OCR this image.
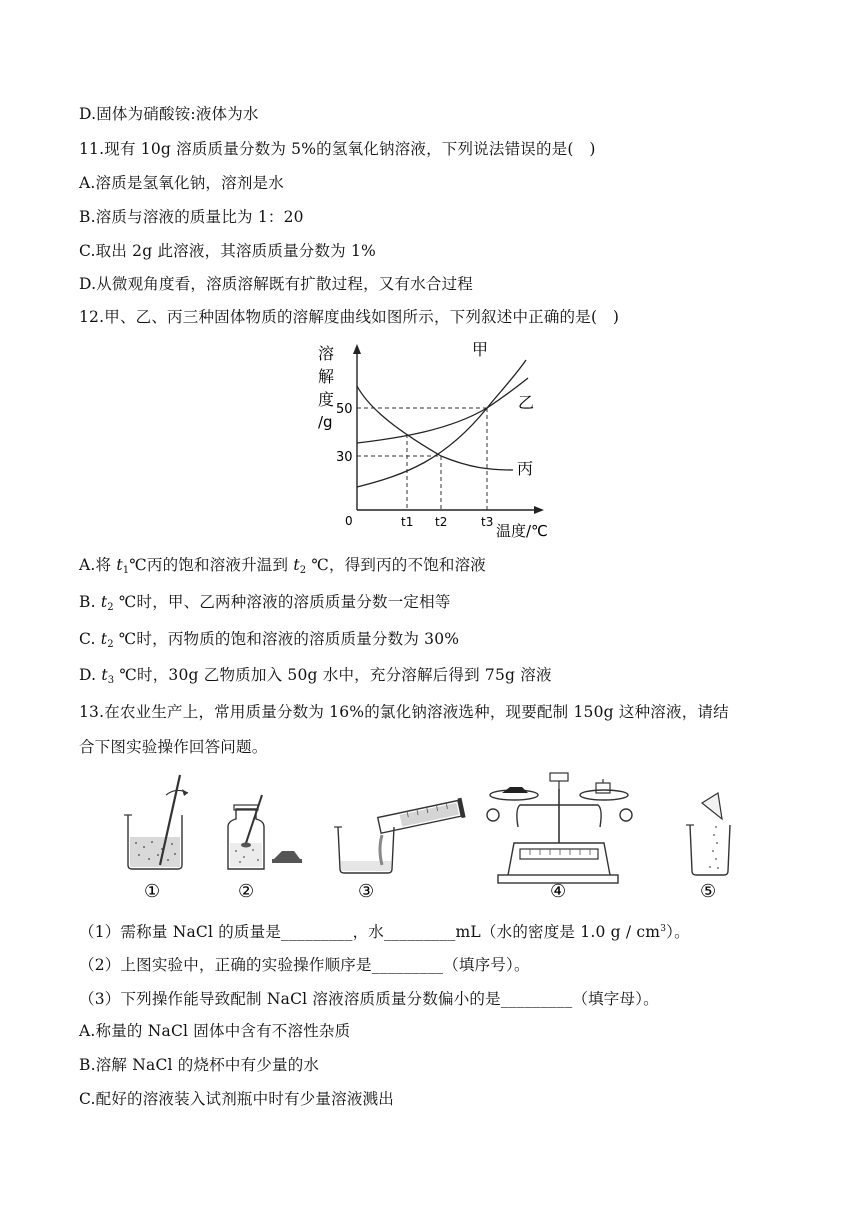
D.固体为硝酸铵:液体为水
11.现有 10g 溶质质量分数为 5%的氢氧化钠溶液，下列说法错误的是(　)
A.溶质是氢氧化钠，溶剂是水
B.溶质与溶液的质量比为 1：20
C.取出 2g 此溶液，其溶质质量分数为 1%
D.从微观角度看，溶质溶解既有扩散过程，又有水合过程
12.甲、乙、丙三种固体物质的溶解度曲线如图所示，下列叙述中正确的是(　)
溶
解
度
/g
50
30
0	t1 t2	t3 温度/℃
甲
乙
丙
A.将 $t_1℃$丙的饱和溶液升温到 $t_2$ ℃，得到丙的不饱和溶液
B. $t_2$ ℃时，甲、乙两种溶液的溶质质量分数一定相等
C. $t_2$ ℃时，丙物质的饱和溶液的溶质质量分数为 30%
D. $t_3$ ℃时，30g 乙物质加入 50g 水中，充分溶解后得到 75g 溶液
13.在农业生产上，常用质量分数为 16%的氯化钠溶液选种，现要配制 150g 这种溶液，请结
合下图实验操作回答问题。
①	②	③	④	⑤
（1）需称量 NaCl 的质量是_________，水_________mL（水的密度是 1.0 g / $cm^3$）。
（2）上图实验中，正确的实验操作顺序是_________（填序号）。
（3）下列操作能导致配制 NaCl 溶液溶质质量分数偏小的是_________（填字母）。
A.称量的 NaCl 固体中含有不溶性杂质
B.溶解 NaCl 的烧杯中有少量的水
C.配好的溶液装入试剂瓶中时有少量溶液溅出
